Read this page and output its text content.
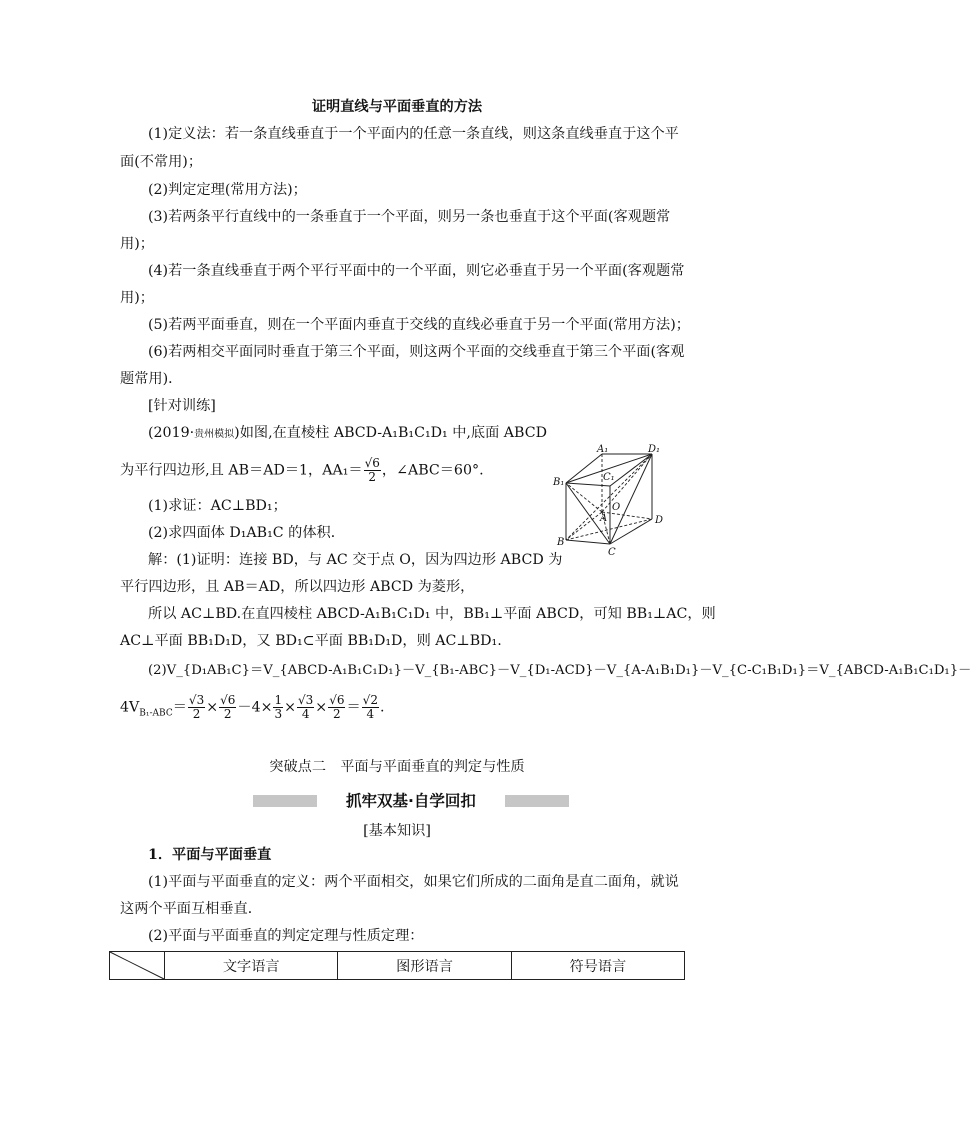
证明直线与平面垂直的方法
(1)定义法：若一条直线垂直于一个平面内的任意一条直线，则这条直线垂直于这个平
面(不常用)；
(2)判定定理(常用方法)；
(3)若两条平行直线中的一条垂直于一个平面，则另一条也垂直于这个平面(客观题常
用)；
(4)若一条直线垂直于两个平行平面中的一个平面，则它必垂直于另一个平面(客观题常
用)；
(5)若两平面垂直，则在一个平面内垂直于交线的直线必垂直于另一个平面(常用方法)；
(6)若两相交平面同时垂直于第三个平面，则这两个平面的交线垂直于第三个平面(客观
题常用)．
[针对训练]
(2019·贵州模拟)如图,在直棱柱 ABCD-A₁B₁C₁D₁ 中,底面 ABCD
为平行四边形,且 AB＝AD＝1，$AA_1= \frac{√6}{2}$ ，∠ABC＝60°.
(1)求证：AC⊥BD₁；
(2)求四面体 D₁AB₁C 的体积．
解：(1)证明：连接 BD，与 AC 交于点 O，因为四边形 ABCD 为
平行四边形，且 AB＝AD，所以四边形 ABCD 为菱形，
所以 AC⊥BD.在直四棱柱 ABCD-A₁B₁C₁D₁ 中，BB₁⊥平面 ABCD，可知 BB₁⊥AC，则
AC⊥平面 BB₁D₁D，又 BD₁⊂平面 BB₁D₁D，则 AC⊥BD₁.
(2)V_{D₁AB₁C}＝V_{ABCD-A₁B₁C₁D₁}－V_{B₁-ABC}－V_{D₁-ACD}－V_{A-A₁B₁D₁}－V_{C-C₁B₁D₁}＝V_{ABCD-A₁B₁C₁D₁}－
$4V_{B_1-ABC}= \frac{√3}{2} \times \frac{√6}{2} -4\times \frac{1}{3} \times \frac{√3}{4} \times \frac{√6}{2} = \frac{√2}{4}$ .
A₁	D₁
B₁	C₁
A
O
B
C
D
突破点二　平面与平面垂直的判定与性质
抓牢双基·自学回扣
[基本知识]
1．平面与平面垂直
(1)平面与平面垂直的定义：两个平面相交，如果它们所成的二面角是直二面角，就说
这两个平面互相垂直．
(2)平面与平面垂直的判定定理与性质定理：
	文字语言	图形语言	符号语言
